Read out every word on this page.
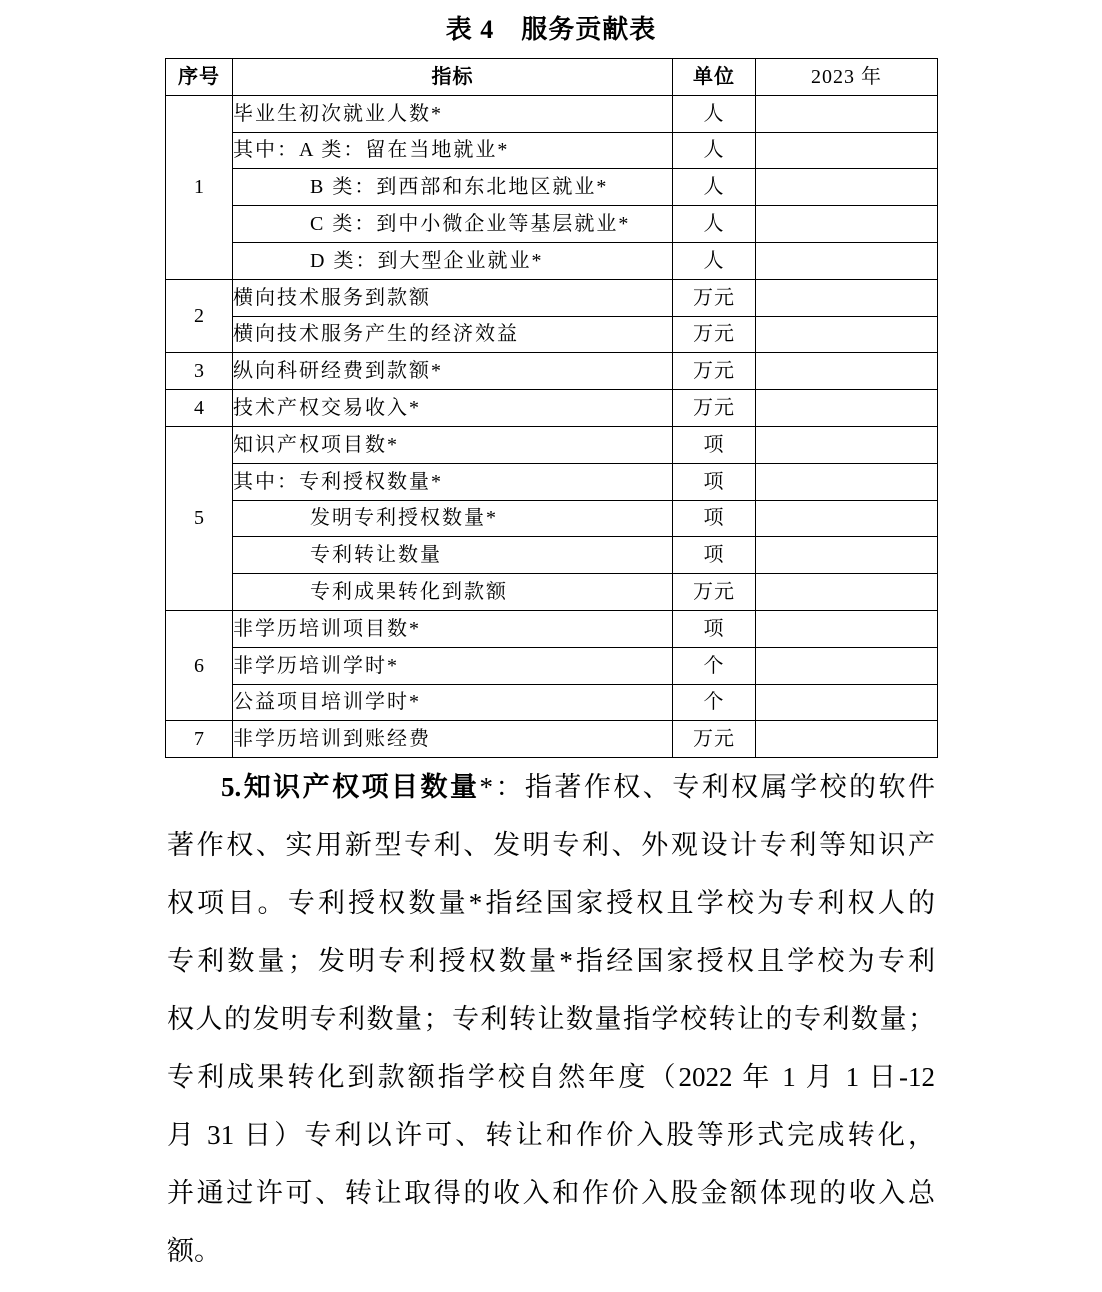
表 4　服务贡献表
序号	指标	单位	2023 年
1	毕业生初次就业人数*	人	
	其中：A 类：留在当地就业*	人	
	B 类：到西部和东北地区就业*	人	
	C 类：到中小微企业等基层就业*	人	
	D 类：到大型企业就业*	人	
2	横向技术服务到款额	万元	
	横向技术服务产生的经济效益	万元	
3	纵向科研经费到款额*	万元	
4	技术产权交易收入*	万元	
5	知识产权项目数*	项	
	其中：专利授权数量*	项	
	发明专利授权数量*	项	
	专利转让数量	项	
	专利成果转化到款额	万元	
6	非学历培训项目数*	项	
	非学历培训学时*	个	
	公益项目培训学时*	个	
7	非学历培训到账经费	万元	
5.知识产权项目数量*：指著作权、专利权属学校的软件
著作权、实用新型专利、发明专利、外观设计专利等知识产
权项目。专利授权数量*指经国家授权且学校为专利权人的
专利数量；发明专利授权数量*指经国家授权且学校为专利
权人的发明专利数量；专利转让数量指学校转让的专利数量；
专利成果转化到款额指学校自然年度（2022 年 1 月 1 日-12
月 31 日）专利以许可、转让和作价入股等形式完成转化，
并通过许可、转让取得的收入和作价入股金额体现的收入总
额。
